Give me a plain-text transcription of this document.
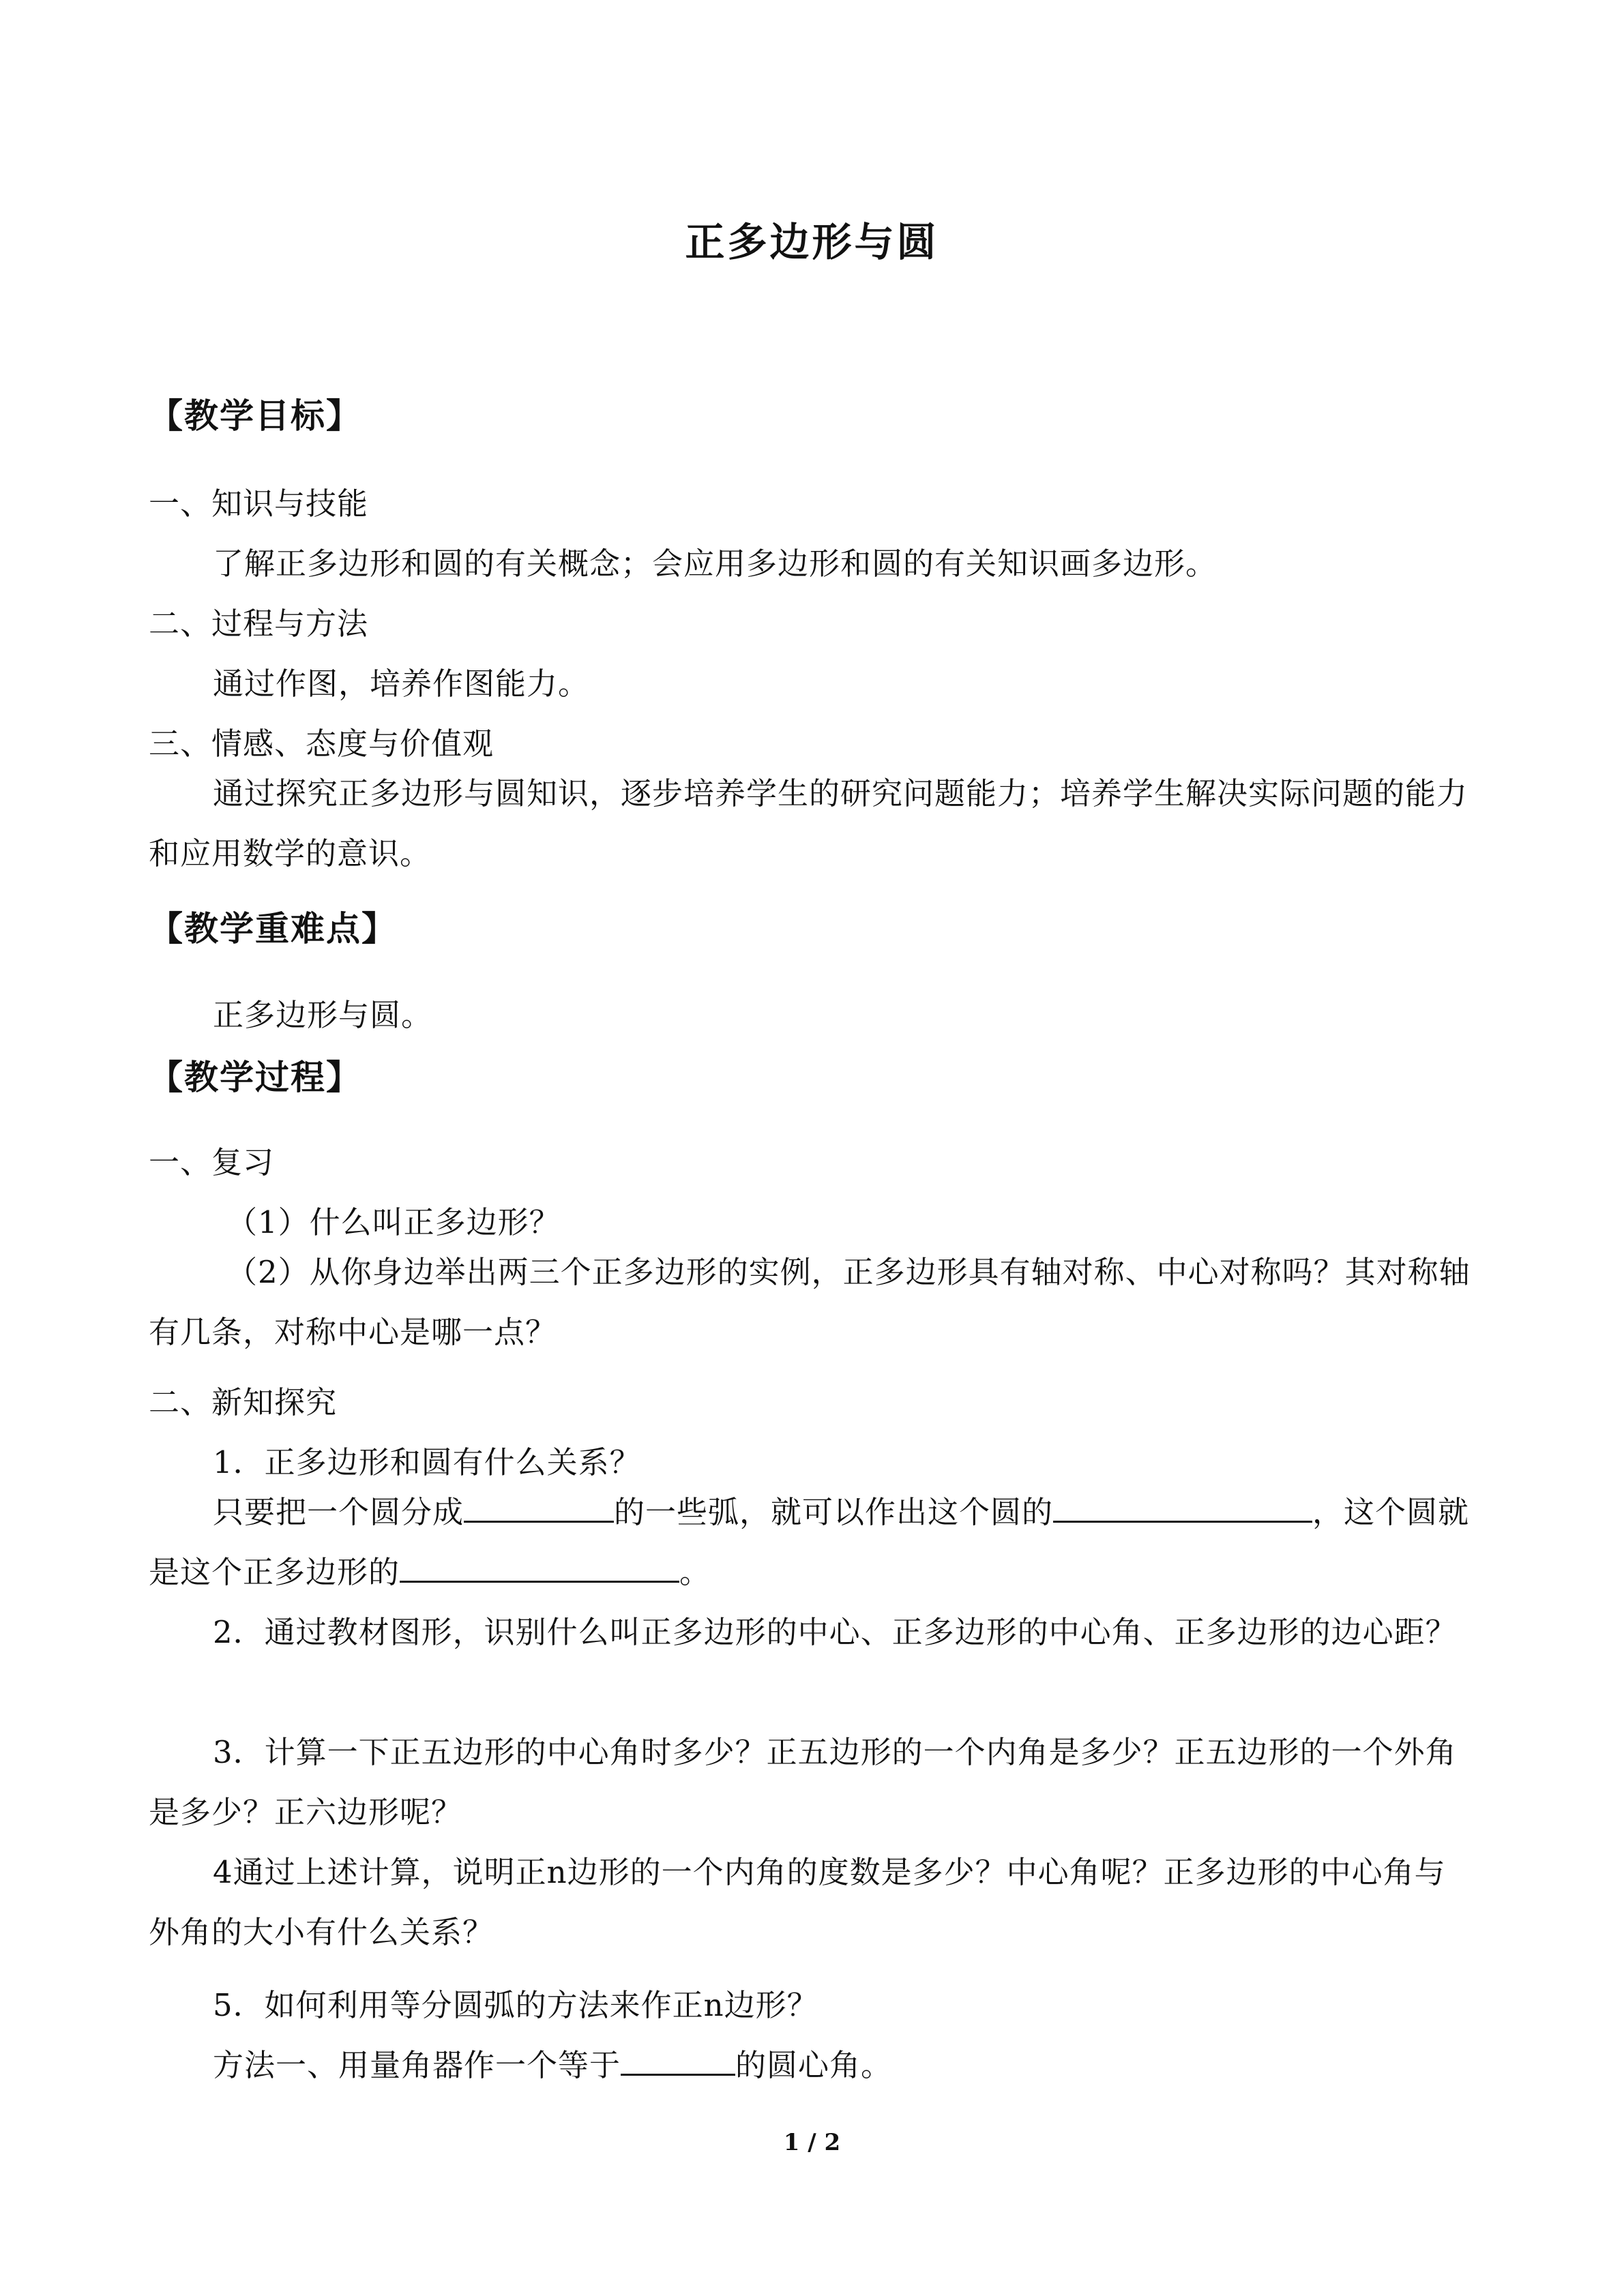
正多边形与圆
【教学目标】
一、知识与技能
了解正多边形和圆的有关概念；会应用多边形和圆的有关知识画多边形。
二、过程与方法
通过作图，培养作图能力。
三、情感、态度与价值观
通过探究正多边形与圆知识，逐步培养学生的研究问题能力；培养学生解决实际问题的能力和应用数学的意识。
【教学重难点】
正多边形与圆。
【教学过程】
一、复习
（1）什么叫正多边形？
（2）从你身边举出两三个正多边形的实例，正多边形具有轴对称、中心对称吗？其对称轴有几条，对称中心是哪一点？
二、新知探究
1．正多边形和圆有什么关系？
只要把一个圆分成	的一些弧，就可以作出这个圆的	，这个圆就是这个正多边形的	。
2．通过教材图形，识别什么叫正多边形的中心、正多边形的中心角、正多边形的边心距？
3．计算一下正五边形的中心角时多少？正五边形的一个内角是多少？正五边形的一个外角是多少？正六边形呢？
4通过上述计算，说明正n边形的一个内角的度数是多少？中心角呢？正多边形的中心角与外角的大小有什么关系？
5．如何利用等分圆弧的方法来作正n边形？
方法一、用量角器作一个等于	的圆心角。
1 / 2
